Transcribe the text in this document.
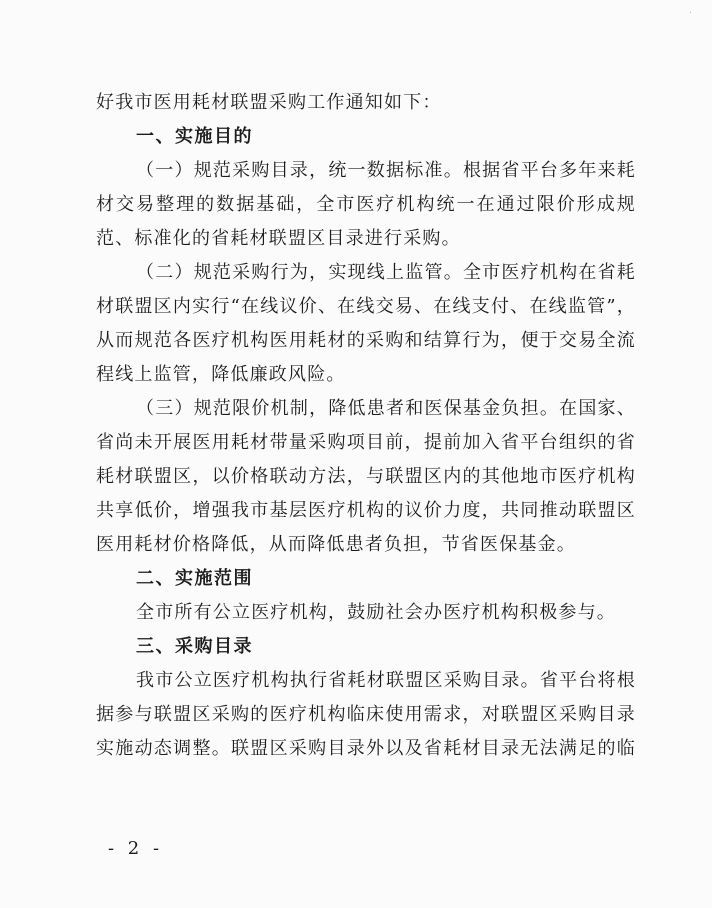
·
好我市医用耗材联盟采购工作通知如下：
一、实施目的
（一）规范采购目录，统一数据标准。根据省平台多年来耗
材交易整理的数据基础，全市医疗机构统一在通过限价形成规
范、标准化的省耗材联盟区目录进行采购。
（二）规范采购行为，实现线上监管。全市医疗机构在省耗
材联盟区内实行“在线议价、在线交易、在线支付、在线监管”，
从而规范各医疗机构医用耗材的采购和结算行为，便于交易全流
程线上监管，降低廉政风险。
（三）规范限价机制，降低患者和医保基金负担。在国家、
省尚未开展医用耗材带量采购项目前，提前加入省平台组织的省
耗材联盟区，以价格联动方法，与联盟区内的其他地市医疗机构
共享低价，增强我市基层医疗机构的议价力度，共同推动联盟区
医用耗材价格降低，从而降低患者负担，节省医保基金。
二、实施范围
全市所有公立医疗机构，鼓励社会办医疗机构积极参与。
三、采购目录
我市公立医疗机构执行省耗材联盟区采购目录。省平台将根
据参与联盟区采购的医疗机构临床使用需求，对联盟区采购目录
实施动态调整。联盟区采购目录外以及省耗材目录无法满足的临
- 2 -
